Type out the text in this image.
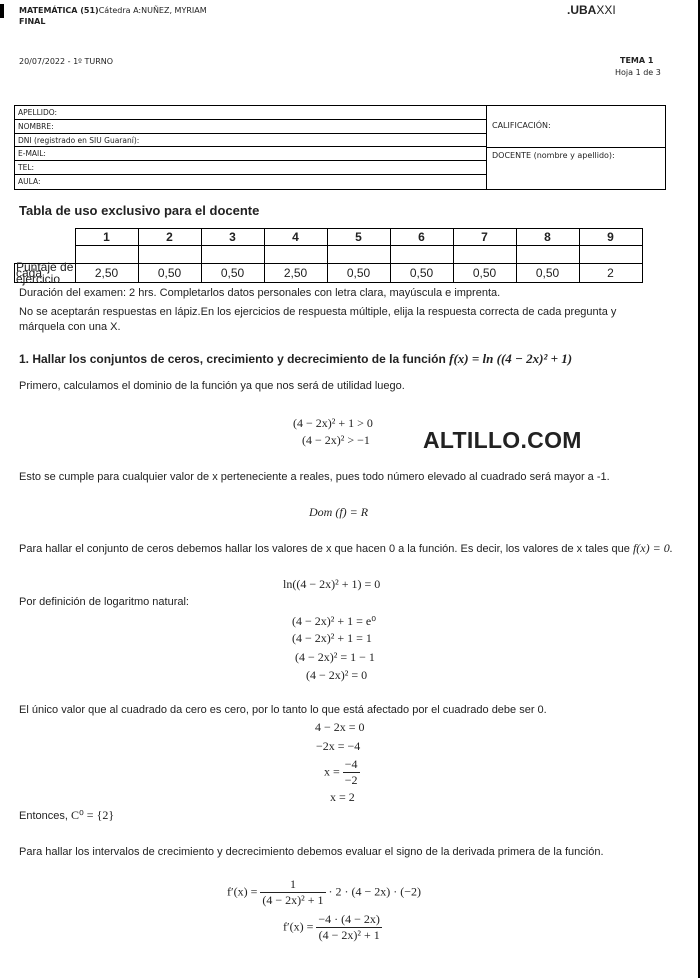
MATEMÁTICA (51)Cátedra A:NUÑEZ, MYRIAM
FINAL
.UBAXXI
20/07/2022 - 1º TURNO	TEMA 1
Hoja 1 de 3
APELLIDO:
NOMBRE:
DNI (registrado en SIU Guaraní):
E-MAIL:
TEL:
AULA:
CALIFICACIÓN:
DOCENTE (nombre y apellido):
Tabla de uso exclusivo para el docente
	1	2	3	4	5	6	7	8	9

Puntaje de cada ejercicio	2,50	0,50	0,50	2,50	0,50	0,50	0,50	0,50	2
Duración del examen: 2 hrs. Completarlos datos personales con letra clara, mayúscula e imprenta.
No se aceptarán respuestas en lápiz.En los ejercicios de respuesta múltiple, elija la respuesta correcta de cada pregunta y márquela con una X.
1. Hallar los conjuntos de ceros, crecimiento y decrecimiento de la función f(x) = ln ((4 − 2x)² + 1)
Primero, calculamos el dominio de la función ya que nos será de utilidad luego.
(4 − 2x)² + 1 > 0
(4 − 2x)² > −1 ALTILLO.COM
Esto se cumple para cualquier valor de x perteneciente a reales, pues todo número elevado al cuadrado será mayor a -1.
Dom (f) = R
Para hallar el conjunto de ceros debemos hallar los valores de x que hacen 0 a la función. Es decir, los valores de x tales que f(x) = 0.
ln((4 − 2x)² + 1) = 0
Por definición de logaritmo natural:
(4 − 2x)² + 1 = e⁰
(4 − 2x)² + 1 = 1
(4 − 2x)² = 1 − 1
(4 − 2x)² = 0
El único valor que al cuadrado da cero es cero, por lo tanto lo que está afectado por el cuadrado debe ser 0.
4 − 2x = 0
−2x = −4
$x = \frac{-4}{-2}$
x = 2
Entonces, C⁰ = {2}
Para hallar los intervalos de crecimiento y decrecimiento debemos evaluar el signo de la derivada primera de la función.
$f'(x) = \frac{1}{\text{(4 − 2x)² + 1}} \cdot 2 \cdot (4 - 2x) \cdot (-2)$
$f'(x) = \frac{-4 \cdot (4 - 2x)}{\text{(4 − 2x)² + 1}}$
